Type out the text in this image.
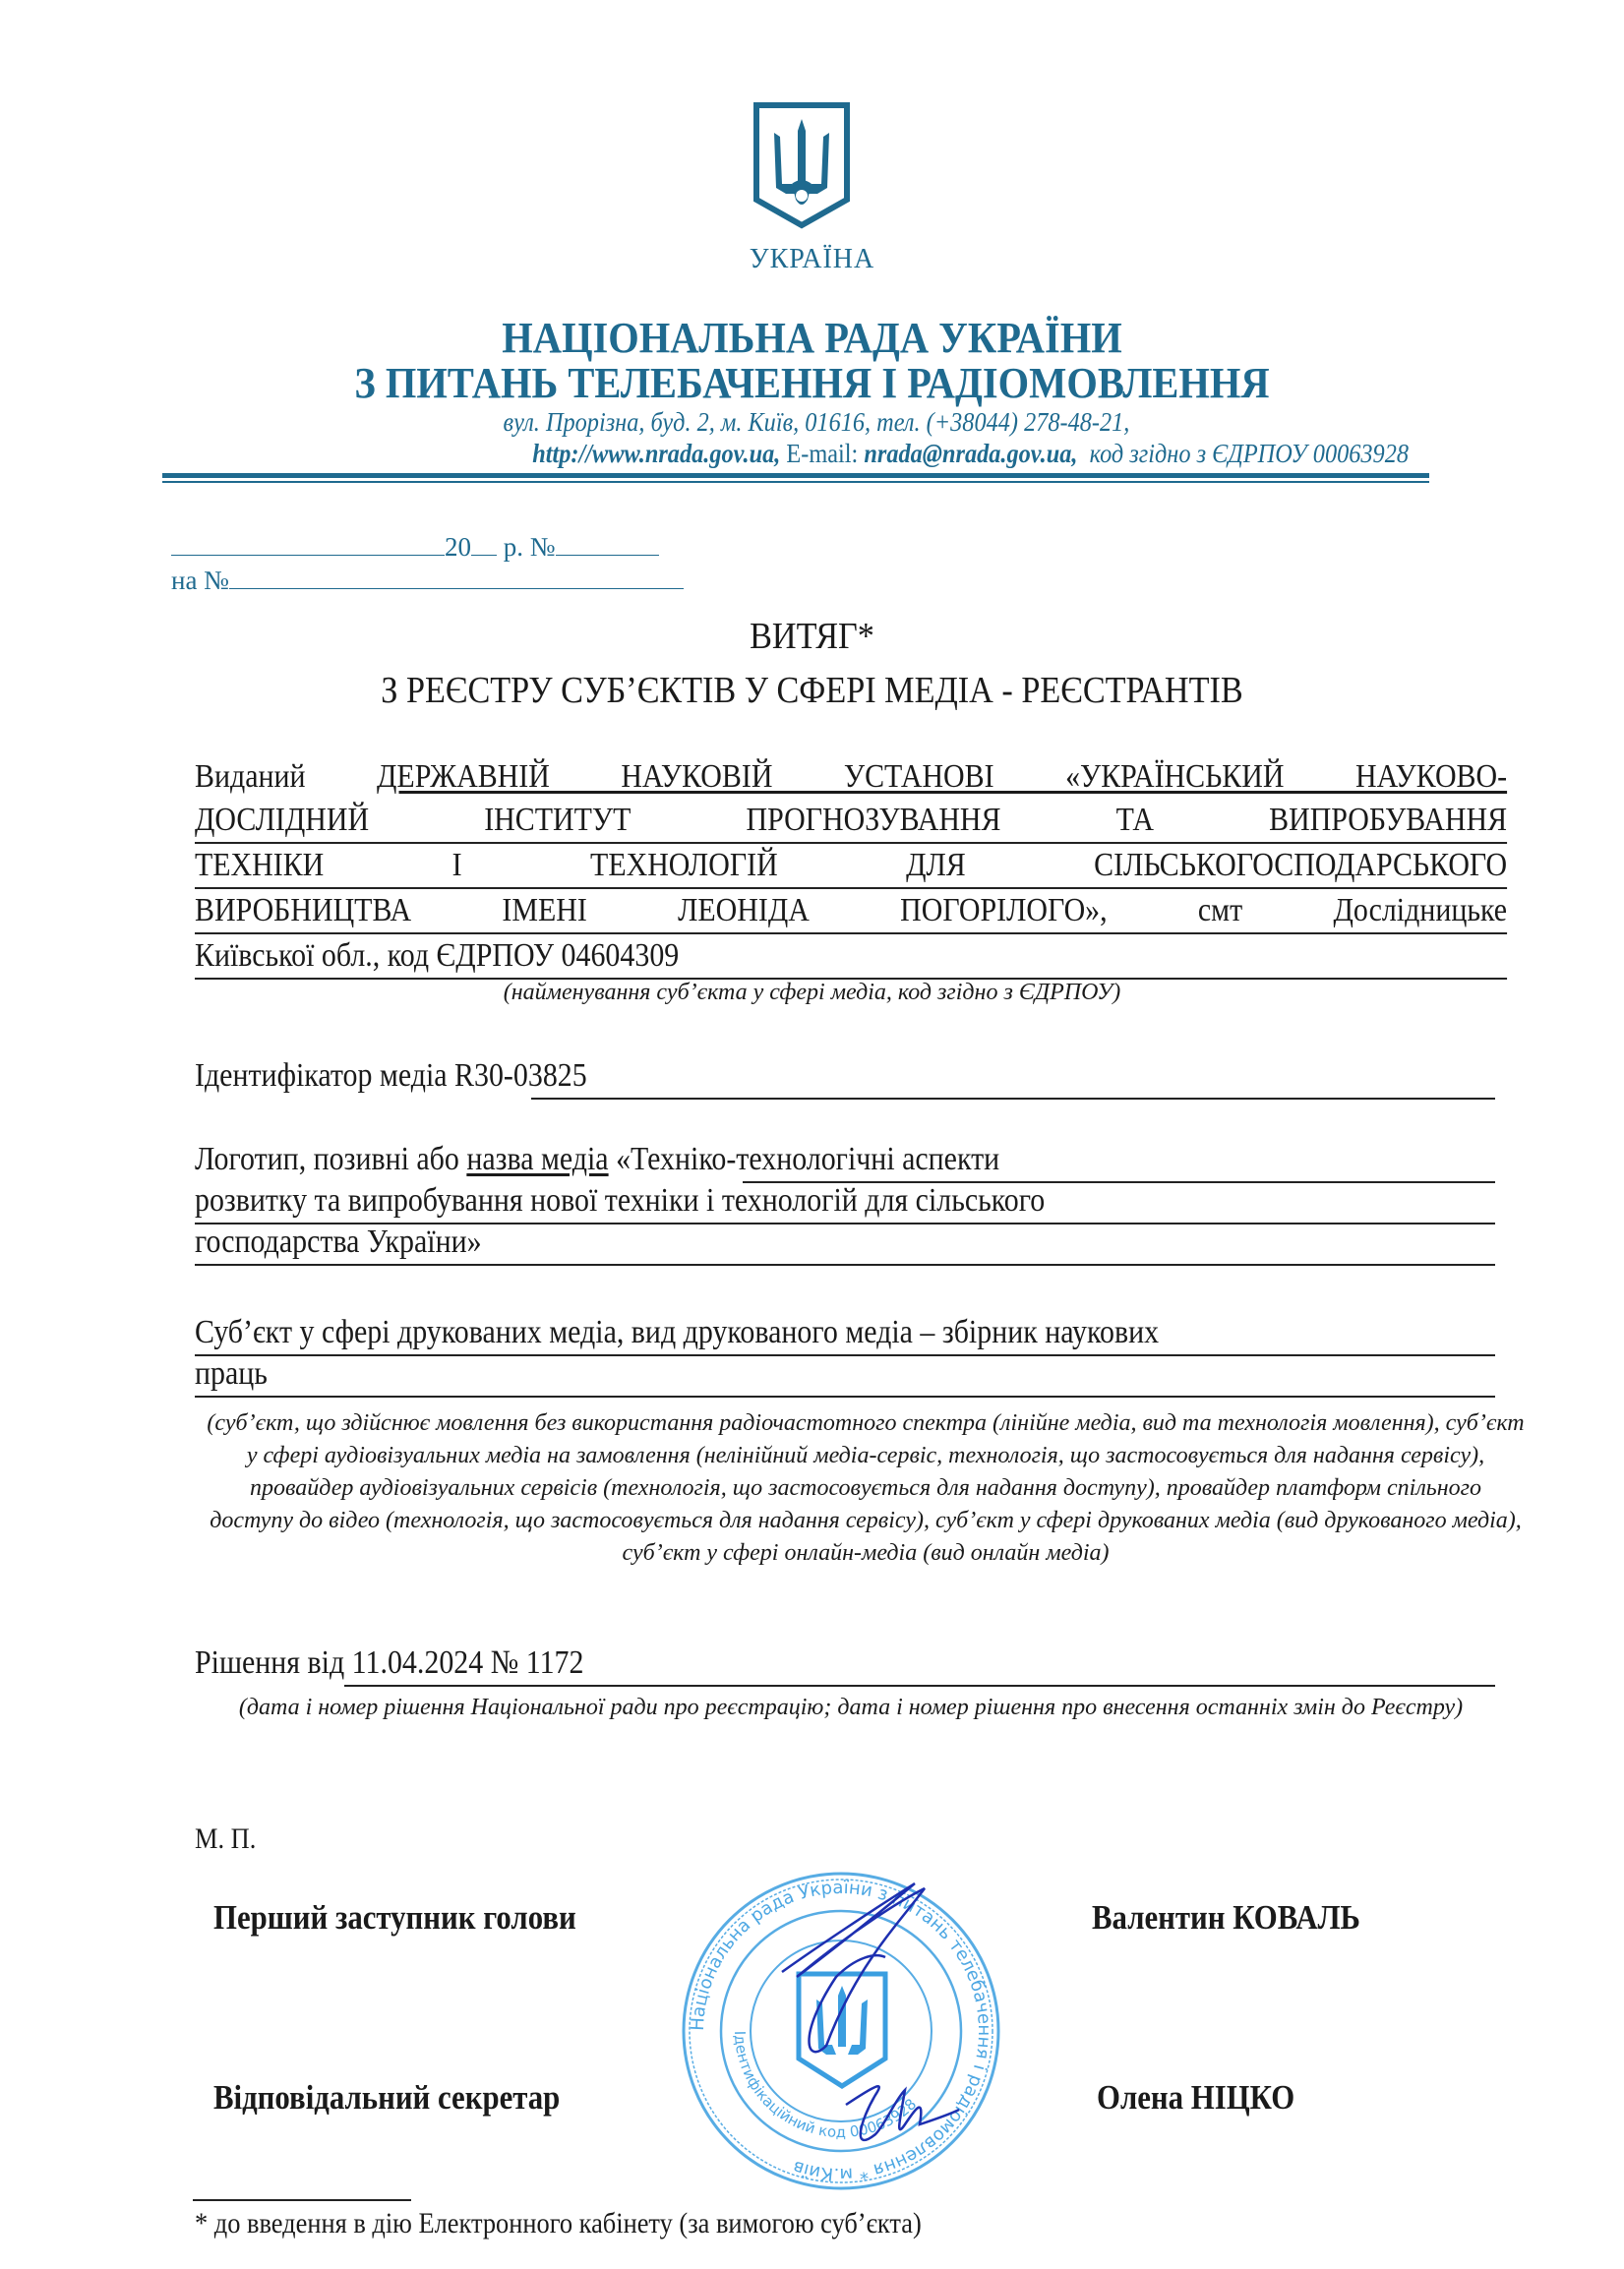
УКРАЇНА
НАЦІОНАЛЬНА РАДА УКРАЇНИ
З ПИТАНЬ ТЕЛЕБАЧЕННЯ І РАДІОМОВЛЕННЯ
вул. Прорізна, буд. 2, м. Київ, 01616, тел. (+38044) 278-48-21,
http://www.nrada.gov.ua, E-mail: nrada@nrada.gov.ua, код згідно з ЄДРПОУ 00063928
20 р. №
на №
ВИТЯГ*
З РЕЄСТРУ СУБ’ЄКТІВ У СФЕРІ МЕДІА - РЕЄСТРАНТІВ
Виданий ДЕРЖАВНІЙ НАУКОВІЙ УСТАНОВІ «УКРАЇНСЬКИЙ НАУКОВО-
ДОСЛІДНИЙ ІНСТИТУТ ПРОГНОЗУВАННЯ ТА ВИПРОБУВАННЯ
ТЕХНІКИ І ТЕХНОЛОГІЙ ДЛЯ СІЛЬСЬКОГОСПОДАРСЬКОГО
ВИРОБНИЦТВА ІМЕНІ ЛЕОНІДА ПОГОРІЛОГО», смт Дослідницьке
Київської обл., код ЄДРПОУ 04604309
(найменування суб’єкта у сфері медіа, код згідно з ЄДРПОУ)
Ідентифікатор медіа R30-03825
Логотип, позивні або назва медіа «Техніко-технологічні аспекти
розвитку та випробування нової техніки і технологій для сільського
господарства України»
Суб’єкт у сфері друкованих медіа, вид друкованого медіа – збірник наукових
праць
(суб’єкт, що здійснює мовлення без використання радіочастотного спектра (лінійне медіа, вид та технологія мовлення), суб’єкт у сфері аудіовізуальних медіа на замовлення (нелінійний медіа-сервіс, технологія, що застосовується для надання сервісу), провайдер аудіовізуальних сервісів (технологія, що застосовується для надання доступу), провайдер платформ спільного доступу до відео (технологія, що застосовується для надання сервісу), суб’єкт у сфері друкованих медіа (вид друкованого медіа), суб’єкт у сфері онлайн-медіа (вид онлайн медіа)
Рішення від 11.04.2024 № 1172
(дата і номер рішення Національної ради про реєстрацію; дата і номер рішення про внесення останніх змін до Реєстру)
М. П.
Перший заступник голови	Валентин КОВАЛЬ
Відповідальний секретар	Олена НІЦКО
Національна рада України з питань телебачення і радіомовлення * м.Київ
Ідентифікаційний код 00063928
* до введення в дію Електронного кабінету (за вимогою суб’єкта)
